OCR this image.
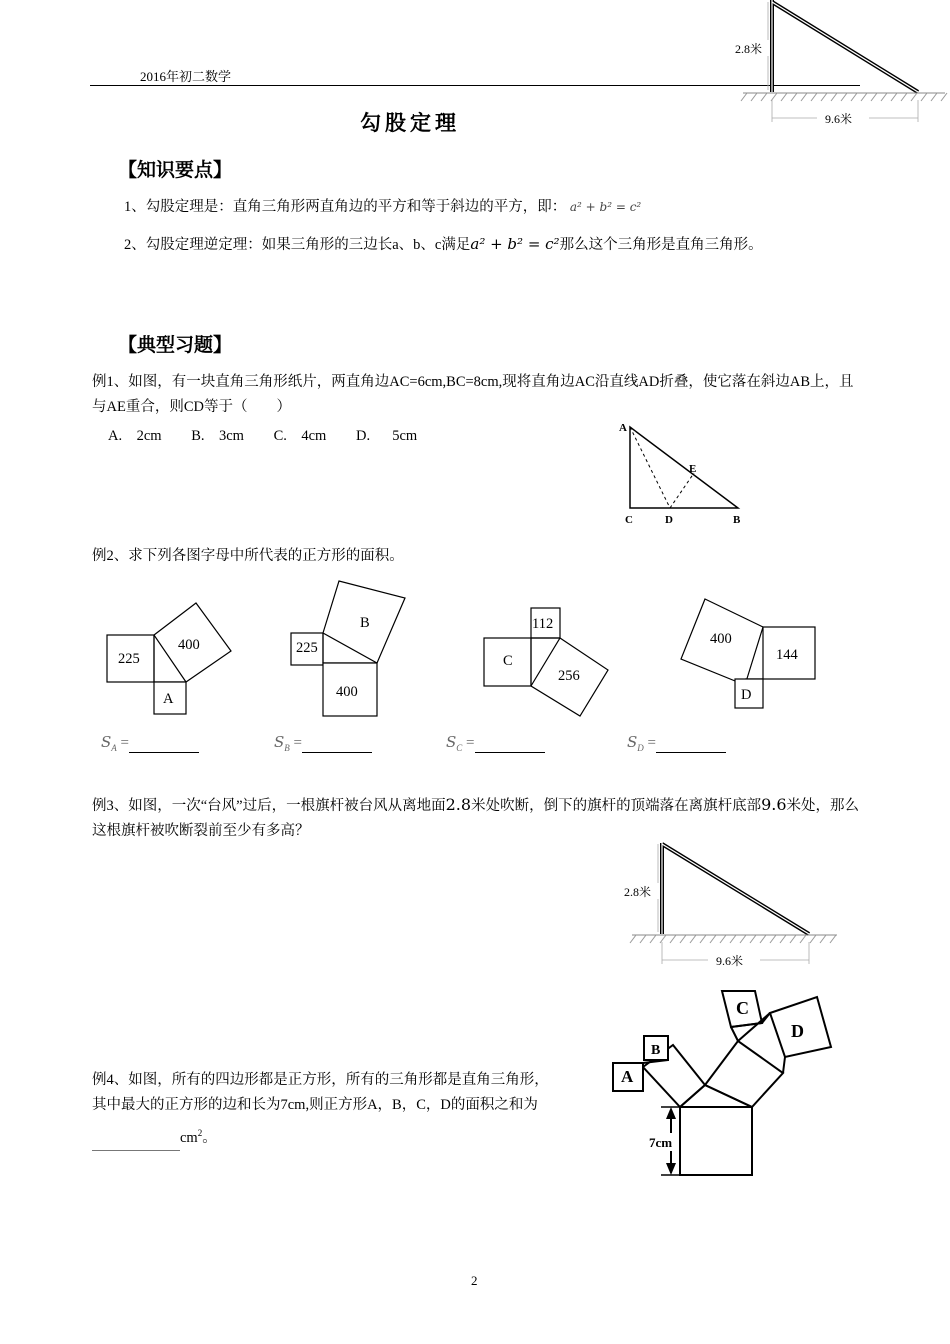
2016年初二数学
9.6米
2.8米
勾股定理
【知识要点】
1、勾股定理是：直角三角形两直角边的平方和等于斜边的平方，即： a² + b² = c²
2、勾股定理逆定理：如果三角形的三边长a、b、c满足a² + b² = c²那么这个三角形是直角三角形。
【典型习题】
例1、如图，有一块直角三角形纸片，两直角边AC=6cm,BC=8cm,现将直角边AC沿直线AD折叠，使它落在斜边AB上，且与AE重合，则CD等于（　　）
A.　2cm B.　3cm C.　4cm D.　 5cm	A
E
C	D	B
例2、求下列各图字母中所代表的正方形的面积。
225
400
A
B
225
400
112
C
256
400
144
D
$S_A$ =	$S_B$ =	$S_C$ =	$S_D$ =
例3、如图，一次“台风”过后，一根旗杆被台风从离地面2.8米处吹断，倒下的旗杆的顶端落在离旗杆底部9.6米处，那么这根旗杆被吹断裂前至少有多高？
9.6米
2.8米
例4、如图，所有的四边形都是正方形，所有的三角形都是直角三角形，
其中最大的正方形的边和长为7cm,则正方形A，B，C，D的面积之和为
$cm^2$。	7cm
A
B
C
D
2
